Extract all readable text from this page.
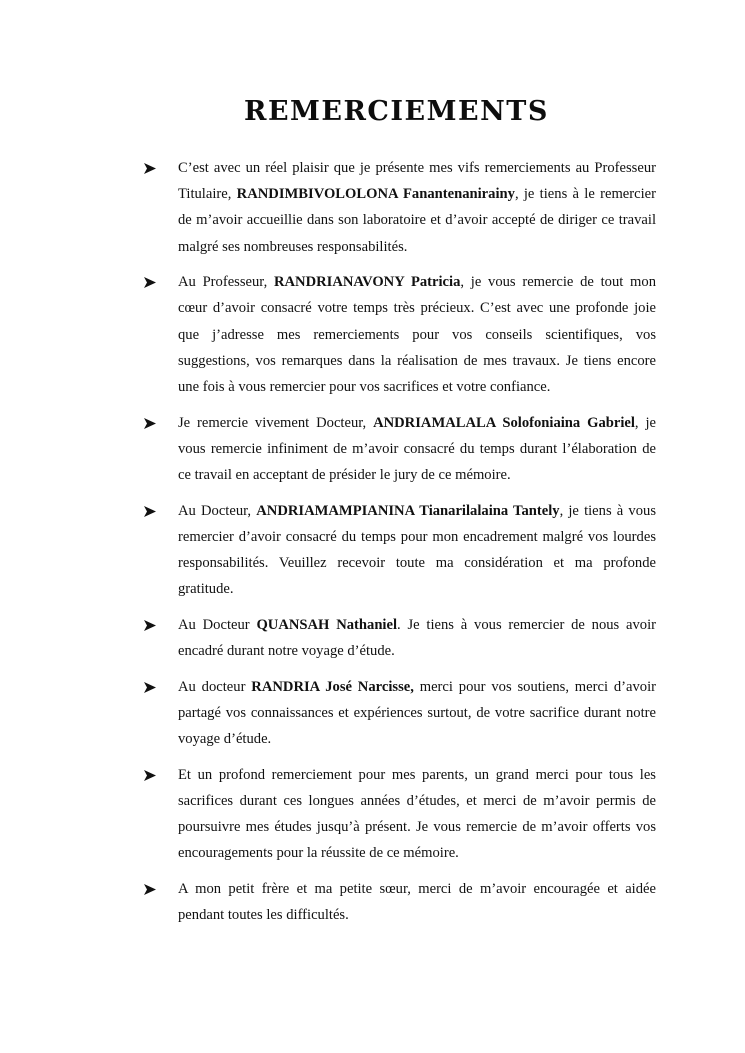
REMERCIEMENTS
C’est avec un réel plaisir que je présente mes vifs remerciements au Professeur Titulaire, RANDIMBIVOLOLONA Fanantenanirainy, je tiens à le remercier de m’avoir accueillie dans son laboratoire et d’avoir accepté de diriger ce travail malgré ses nombreuses responsabilités.
Au Professeur, RANDRIANAVONY Patricia, je vous remercie de tout mon cœur d’avoir consacré votre temps très précieux. C’est avec une profonde joie que j’adresse mes remerciements pour vos conseils scientifiques, vos suggestions, vos remarques dans la réalisation de mes travaux. Je tiens encore une fois à vous remercier pour vos sacrifices et votre confiance.
Je remercie vivement Docteur, ANDRIAMALALA Solofoniaina Gabriel, je vous remercie infiniment de m’avoir consacré du temps durant l’élaboration de ce travail en acceptant de présider le jury de ce mémoire.
Au Docteur, ANDRIAMAMPIANINA Tianarilalaina Tantely, je tiens à vous remercier d’avoir consacré du temps pour mon encadrement malgré vos lourdes responsabilités. Veuillez recevoir toute ma considération et ma profonde gratitude.
Au Docteur QUANSAH Nathaniel. Je tiens à vous remercier de nous avoir encadré durant notre voyage d’étude.
Au docteur RANDRIA José Narcisse, merci pour vos soutiens, merci d’avoir partagé vos connaissances et expériences surtout, de votre sacrifice durant notre voyage d’étude.
Et un profond remerciement pour mes parents, un grand merci pour tous les sacrifices durant ces longues années d’études, et merci de m’avoir permis de poursuivre mes études jusqu’à présent. Je vous remercie de m’avoir offerts vos encouragements pour la réussite de ce mémoire.
A mon petit frère et ma petite sœur, merci de m’avoir encouragée et aidée pendant toutes les difficultés.
